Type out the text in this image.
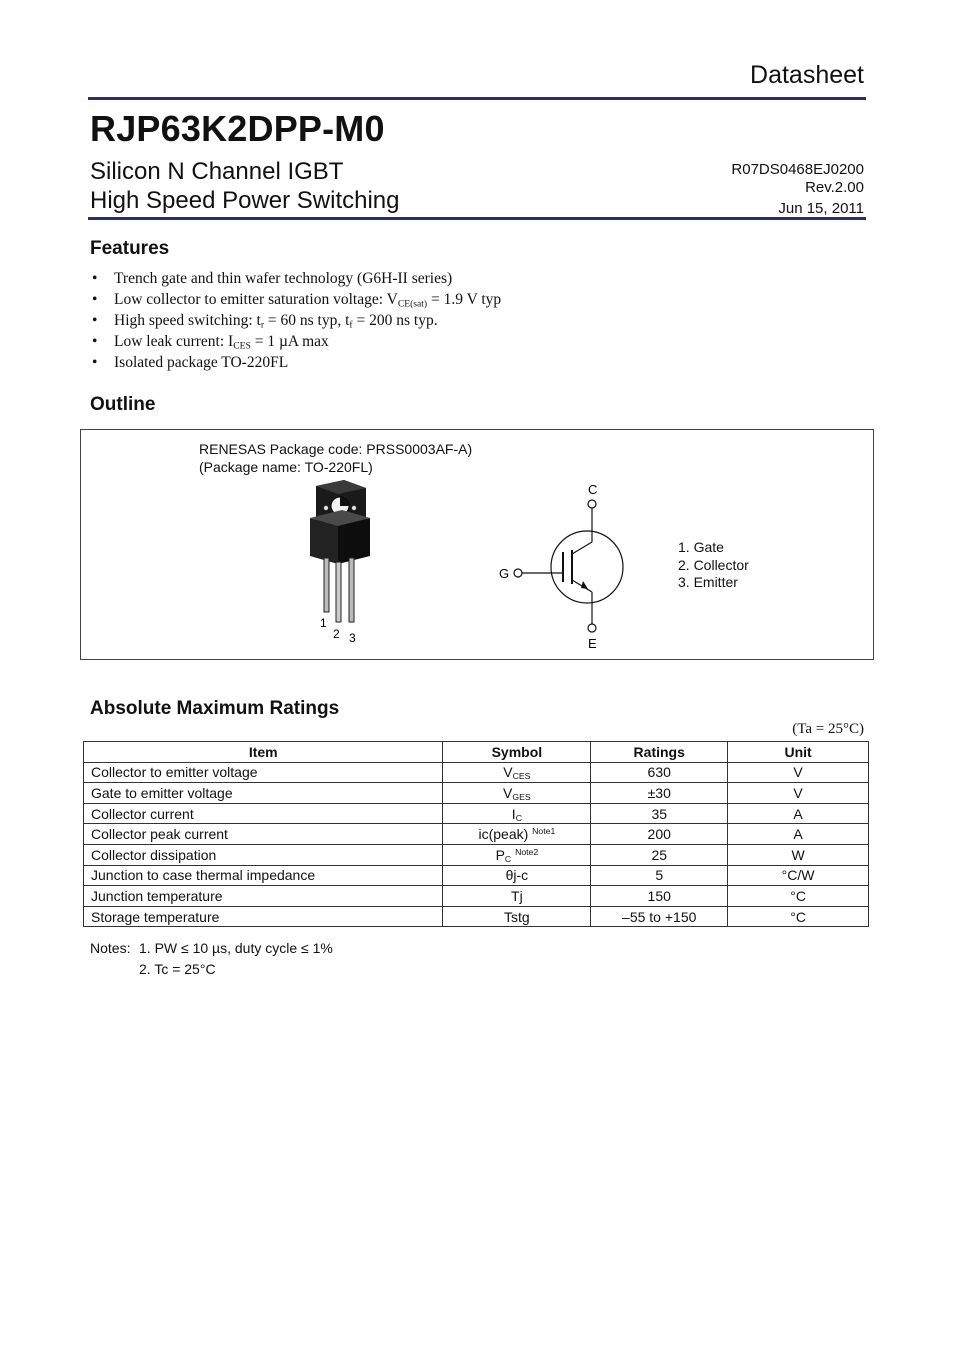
Datasheet
RJP63K2DPP-M0
Silicon N Channel IGBT
High Speed Power Switching
R07DS0468EJ0200
Rev.2.00
Jun 15, 2011
Features
• Trench gate and thin wafer technology (G6H-II series)
• Low collector to emitter saturation voltage: $V_{CE(sat)} = 1.9$ V typ
• High speed switching: $t_r = 60$ ns typ, $t_f = 200$ ns typ.
• Low leak current: $I_{CES} = 1$ µA max
• Isolated package TO-220FL
Outline
RENESAS Package code: PRSS0003AF-A)
(Package name: TO-220FL)
1
2 3
C
G
E
1. Gate
2. Collector
3. Emitter
Absolute Maximum Ratings
(Ta = 25°C)
Item	Symbol	Ratings	Unit
Collector to emitter voltage	$V_{CES}$	630	V
Gate to emitter voltage	$V_{GES}$	±30	V
Collector current	$I_C$	35	A
Collector peak current	ic(peak) $^{Note1}$	200	A
Collector dissipation	$P_C$ $^{Note2}$	25	W
Junction to case thermal impedance	θj-c	5	°C/W
Junction temperature	Tj	150	°C
Storage temperature	Tstg	–55 to +150	°C
Notes: 1. PW ≤ 10 µs, duty cycle ≤ 1%
2. Tc = 25°C
